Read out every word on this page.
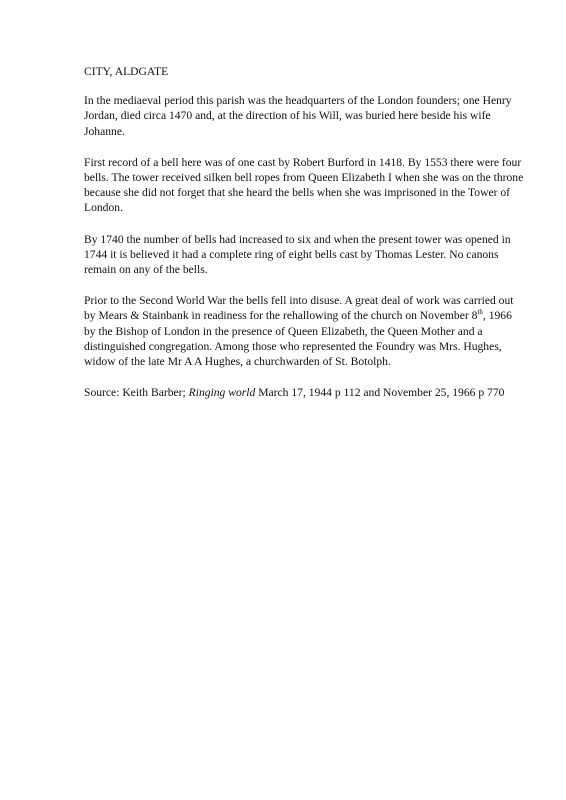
CITY, ALDGATE

In the mediaeval period this parish was the headquarters of the London founders; one Henry Jordan, died circa 1470 and, at the direction of his Will, was buried here beside his wife Johanne.

First record of a bell here was of one cast by Robert Burford in 1418. By 1553 there were four bells. The tower received silken bell ropes from Queen Elizabeth I when she was on the throne because she did not forget that she heard the bells when she was imprisoned in the Tower of London.

By 1740 the number of bells had increased to six and when the present tower was opened in 1744 it is believed it had a complete ring of eight bells cast by Thomas Lester. No canons remain on any of the bells.

Prior to the Second World War the bells fell into disuse. A great deal of work was carried out by Mears & Stainbank in readiness for the rehallowing of the church on November 8th, 1966 by the Bishop of London in the presence of Queen Elizabeth, the Queen Mother and a distinguished congregation. Among those who represented the Foundry was Mrs. Hughes, widow of the late Mr A A Hughes, a churchwarden of St. Botolph.

Source: Keith Barber; Ringing world March 17, 1944 p 112 and November 25, 1966 p 770
